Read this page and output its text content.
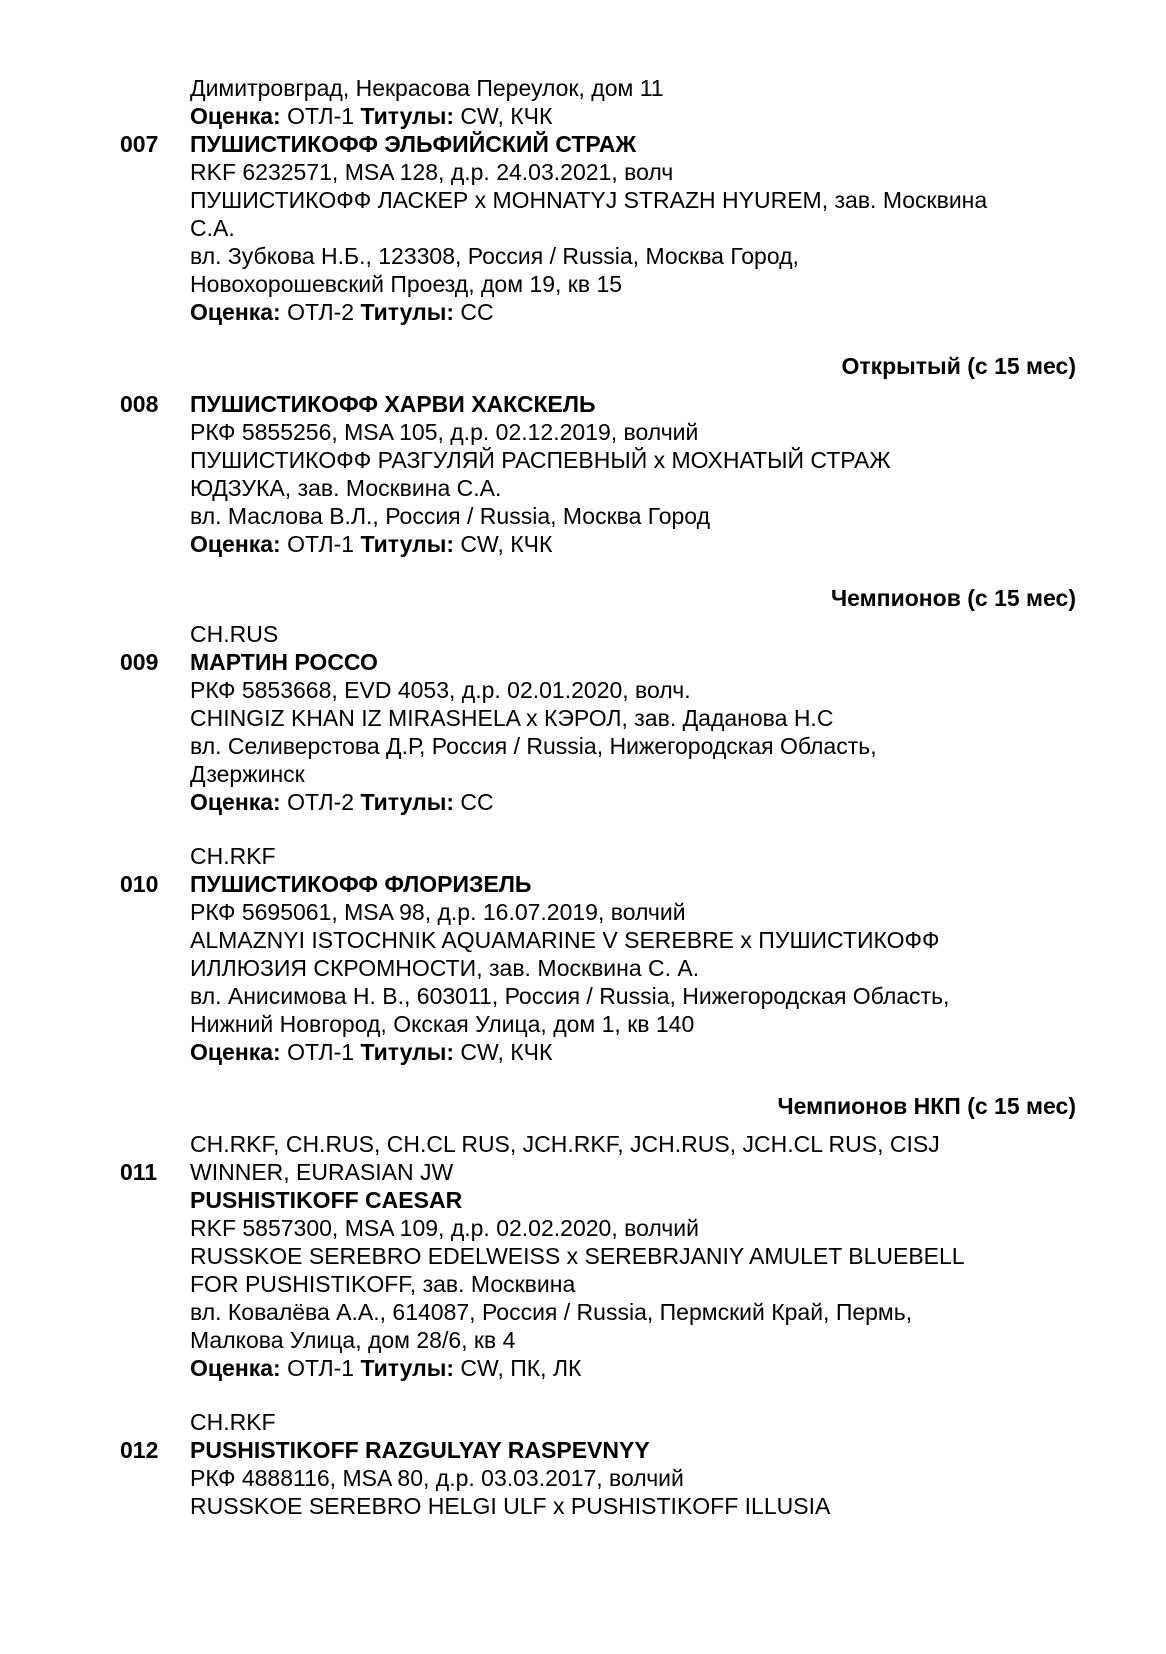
Димитровград, Некрасова Переулок, дом 11
Оценка: ОТЛ-1 Титулы: CW, КЧК
007 ПУШИСТИКОФФ ЭЛЬФИЙСКИЙ СТРАЖ
RKF 6232571, MSA 128, д.р. 24.03.2021, волч
ПУШИСТИКОФФ ЛАСКЕР x MOHNATYJ STRAZH HYUREM, зав. Москвина
С.А.
вл. Зубкова Н.Б., 123308, Россия / Russia, Москва Город,
Новохорошевский Проезд, дом 19, кв 15
Оценка: ОТЛ-2 Титулы: CC
Открытый (с 15 мес)
008 ПУШИСТИКОФФ ХАРВИ ХАКСКЕЛЬ
РКФ 5855256, MSA 105, д.р. 02.12.2019, волчий
ПУШИСТИКОФФ РАЗГУЛЯЙ РАСПЕВНЫЙ x МОХНАТЫЙ СТРАЖ
ЮДЗУКА, зав. Москвина С.А.
вл. Маслова В.Л., Россия / Russia, Москва Город
Оценка: ОТЛ-1 Титулы: CW, КЧК
Чемпионов (с 15 мес)
CH.RUS
009 МАРТИН РОССО
РКФ 5853668, EVD 4053, д.р. 02.01.2020, волч.
CHINGIZ KHAN IZ MIRASHELA x КЭРОЛ, зав. Даданова Н.С
вл. Селиверстова Д.Р, Россия / Russia, Нижегородская Область,
Дзержинск
Оценка: ОТЛ-2 Титулы: CC
CH.RKF
010 ПУШИСТИКОФФ ФЛОРИЗЕЛЬ
РКФ 5695061, MSA 98, д.р. 16.07.2019, волчий
ALMAZNYI ISTOCHNIK AQUAMARINE V SEREBRE x ПУШИСТИКОФФ
ИЛЛЮЗИЯ СКРОМНОСТИ, зав. Москвина С. А.
вл. Анисимова Н. В., 603011, Россия / Russia, Нижегородская Область,
Нижний Новгород, Окская Улица, дом 1, кв 140
Оценка: ОТЛ-1 Титулы: CW, КЧК
Чемпионов НКП (с 15 мес)
CH.RKF, CH.RUS, CH.CL RUS, JCH.RKF, JCH.RUS, JCH.CL RUS, CISJ
011 WINNER, EURASIAN JW
PUSHISTIKOFF CAESAR
RKF 5857300, MSA 109, д.р. 02.02.2020, волчий
RUSSKOE SEREBRO EDELWEISS x SEREBRJANIY AMULET BLUEBELL
FOR PUSHISTIKOFF, зав. Москвина
вл. Ковалёва А.А., 614087, Россия / Russia, Пермский Край, Пермь,
Малкова Улица, дом 28/6, кв 4
Оценка: ОТЛ-1 Титулы: CW, ПК, ЛК
CH.RKF
012 PUSHISTIKOFF RAZGULYAY RASPEVNYY
РКФ 4888116, MSA 80, д.р. 03.03.2017, волчий
RUSSKOE SEREBRO HELGI ULF x PUSHISTIKOFF ILLUSIA
